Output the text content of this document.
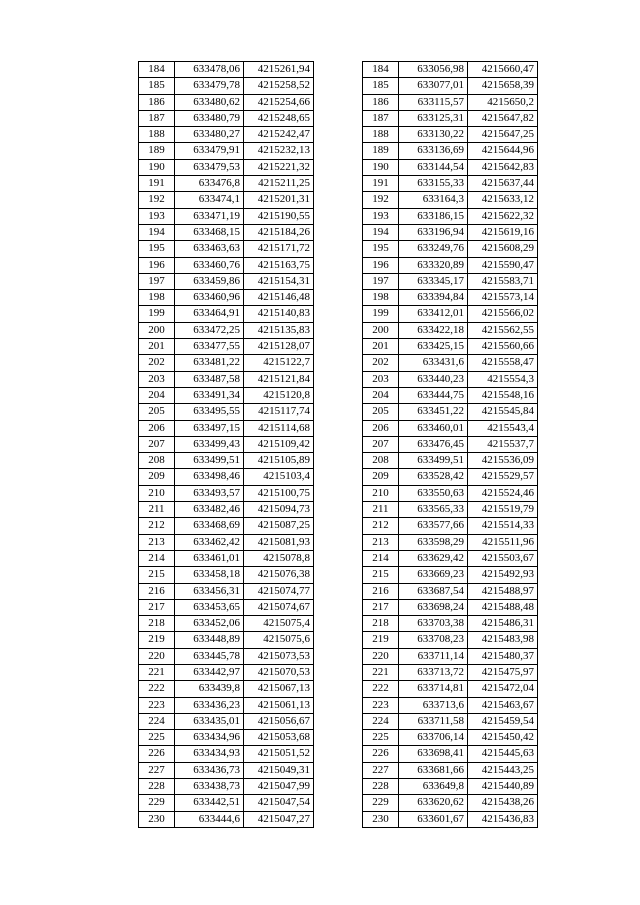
184	633478,06	4215261,94
185	633479,78	4215258,52
186	633480,62	4215254,66
187	633480,79	4215248,65
188	633480,27	4215242,47
189	633479,91	4215232,13
190	633479,53	4215221,32
191	633476,8	4215211,25
192	633474,1	4215201,31
193	633471,19	4215190,55
194	633468,15	4215184,26
195	633463,63	4215171,72
196	633460,76	4215163,75
197	633459,86	4215154,31
198	633460,96	4215146,48
199	633464,91	4215140,83
200	633472,25	4215135,83
201	633477,55	4215128,07
202	633481,22	4215122,7
203	633487,58	4215121,84
204	633491,34	4215120,8
205	633495,55	4215117,74
206	633497,15	4215114,68
207	633499,43	4215109,42
208	633499,51	4215105,89
209	633498,46	4215103,4
210	633493,57	4215100,75
211	633482,46	4215094,73
212	633468,69	4215087,25
213	633462,42	4215081,93
214	633461,01	4215078,8
215	633458,18	4215076,38
216	633456,31	4215074,77
217	633453,65	4215074,67
218	633452,06	4215075,4
219	633448,89	4215075,6
220	633445,78	4215073,53
221	633442,97	4215070,53
222	633439,8	4215067,13
223	633436,23	4215061,13
224	633435,01	4215056,67
225	633434,96	4215053,68
226	633434,93	4215051,52
227	633436,73	4215049,31
228	633438,73	4215047,99
229	633442,51	4215047,54
230	633444,6	4215047,27
184	633056,98	4215660,47
185	633077,01	4215658,39
186	633115,57	4215650,2
187	633125,31	4215647,82
188	633130,22	4215647,25
189	633136,69	4215644,96
190	633144,54	4215642,83
191	633155,33	4215637,44
192	633164,3	4215633,12
193	633186,15	4215622,32
194	633196,94	4215619,16
195	633249,76	4215608,29
196	633320,89	4215590,47
197	633345,17	4215583,71
198	633394,84	4215573,14
199	633412,01	4215566,02
200	633422,18	4215562,55
201	633425,15	4215560,66
202	633431,6	4215558,47
203	633440,23	4215554,3
204	633444,75	4215548,16
205	633451,22	4215545,84
206	633460,01	4215543,4
207	633476,45	4215537,7
208	633499,51	4215536,09
209	633528,42	4215529,57
210	633550,63	4215524,46
211	633565,33	4215519,79
212	633577,66	4215514,33
213	633598,29	4215511,96
214	633629,42	4215503,67
215	633669,23	4215492,93
216	633687,54	4215488,97
217	633698,24	4215488,48
218	633703,38	4215486,31
219	633708,23	4215483,98
220	633711,14	4215480,37
221	633713,72	4215475,97
222	633714,81	4215472,04
223	633713,6	4215463,67
224	633711,58	4215459,54
225	633706,14	4215450,42
226	633698,41	4215445,63
227	633681,66	4215443,25
228	633649,8	4215440,89
229	633620,62	4215438,26
230	633601,67	4215436,83
